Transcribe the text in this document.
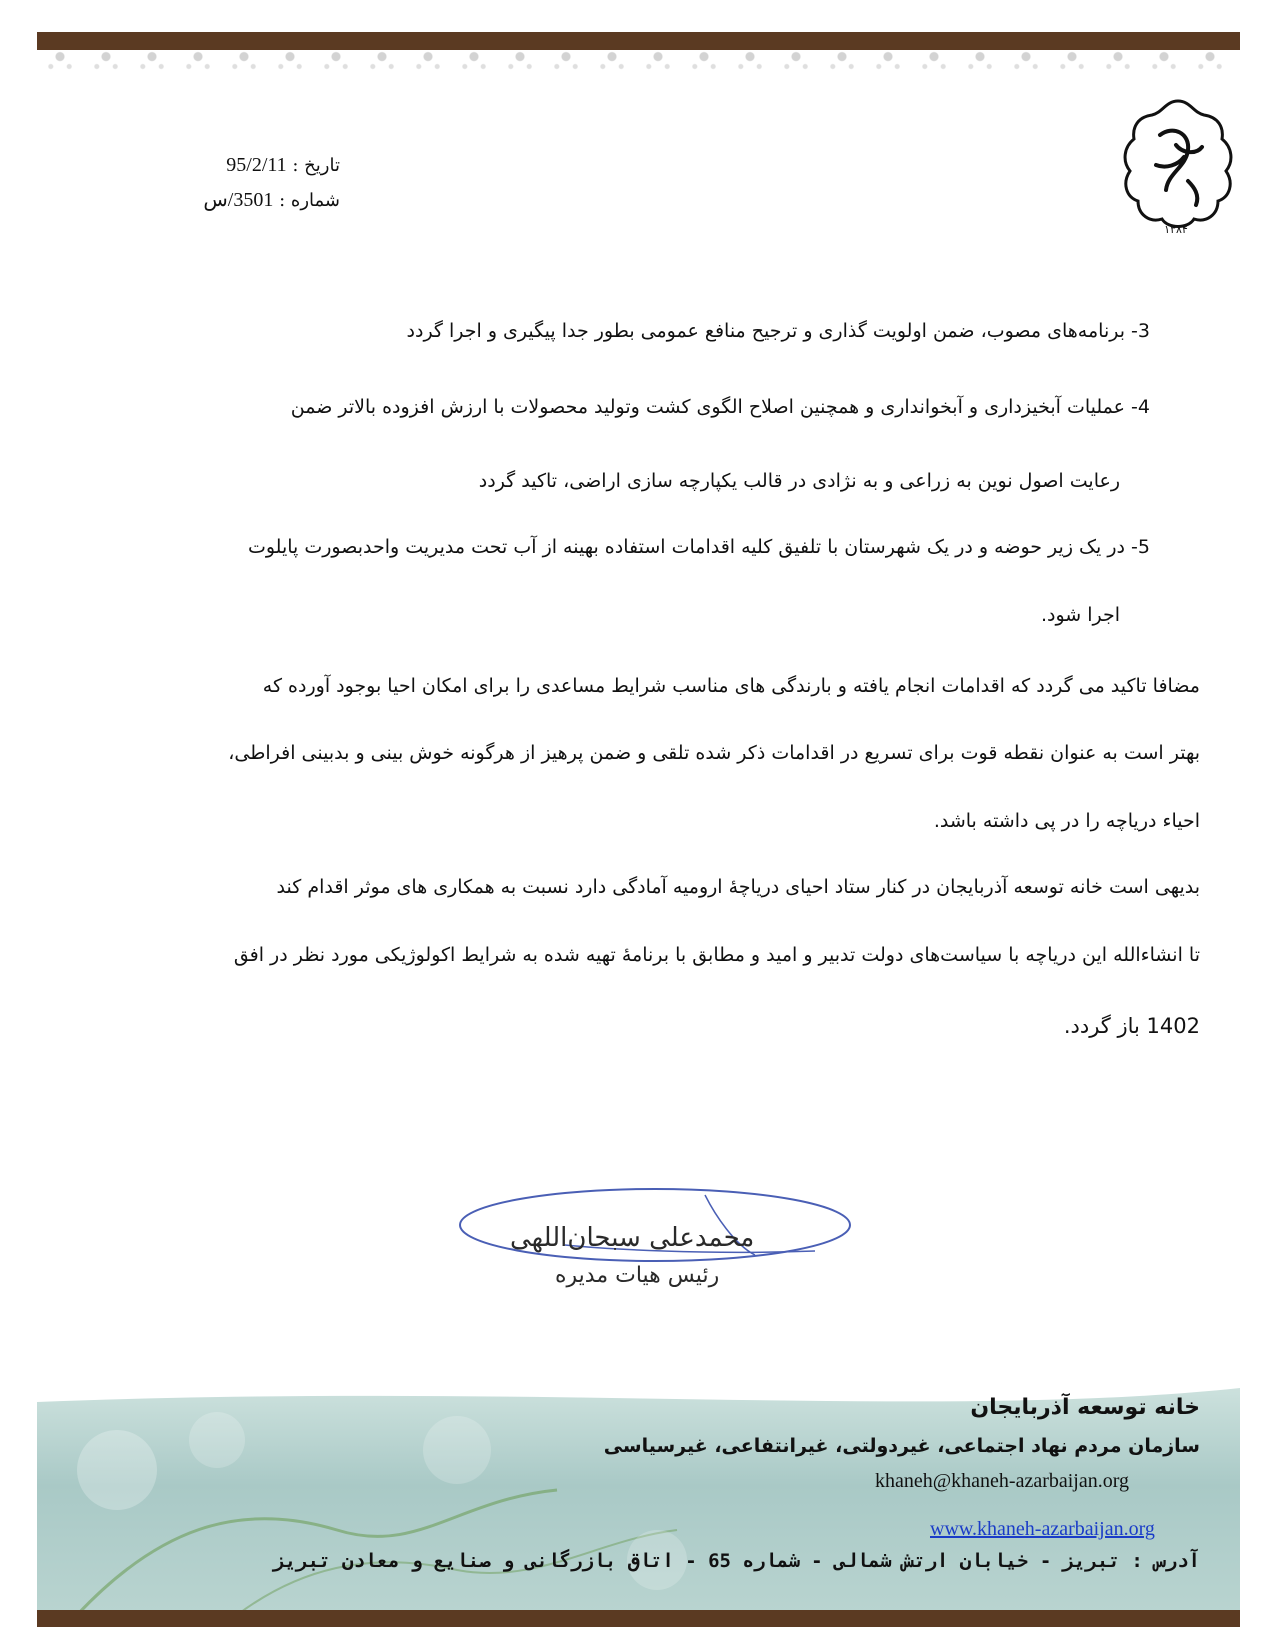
۱۳۸۴
تاریخ : 95/2/11
شماره : 3501/س

3- برنامه‌های مصوب، ضمن اولویت گذاری و ترجیح منافع عمومی بطور جدا پیگیری و اجرا گردد

4- عملیات آبخیزداری و آبخوانداری و همچنین اصلاح الگوی کشت وتولید محصولات با ارزش افزوده بالاتر ضمن

رعایت اصول نوین به زراعی و به نژادی در قالب یکپارچه سازی اراضی، تاکید گردد

5- در یک زیر حوضه و در یک شهرستان با تلفیق کلیه اقدامات استفاده بهینه از آب تحت مدیریت واحدبصورت پایلوت

اجرا شود.

مضافا تاکید می گردد که اقدامات انجام یافته و بارندگی های مناسب شرایط مساعدی را برای امکان احیا بوجود آورده که

بهتر است به عنوان نقطه قوت برای تسریع در اقدامات ذکر شده تلقی و ضمن پرهیز از هرگونه خوش بینی و بدبینی افراطی،

احیاء دریاچه را در پی داشته باشد.

بدیهی است خانه توسعه آذربایجان در کنار ستاد احیای دریاچهٔ ارومیه آمادگی دارد نسبت به همکاری های موثر اقدام کند

تا انشاءالله این دریاچه با سیاست‌های دولت تدبیر و امید و مطابق با برنامهٔ تهیه شده به شرایط اکولوژیکی مورد نظر در افق

1402 باز گردد.

محمدعلی سبحان‌اللهی
رئیس هیات مدیره
خانه توسعه آذربایجان
سازمان مردم نهاد اجتماعی، غیردولتی، غیرانتفاعی، غیرسیاسی
khaneh@khaneh-azarbaijan.org
www.khaneh-azarbaijan.org
آدرس : تبریز - خیابان ارتش شمالی - شماره 65 - اتاق بازرگانی و صنایع و معادن تبریز
